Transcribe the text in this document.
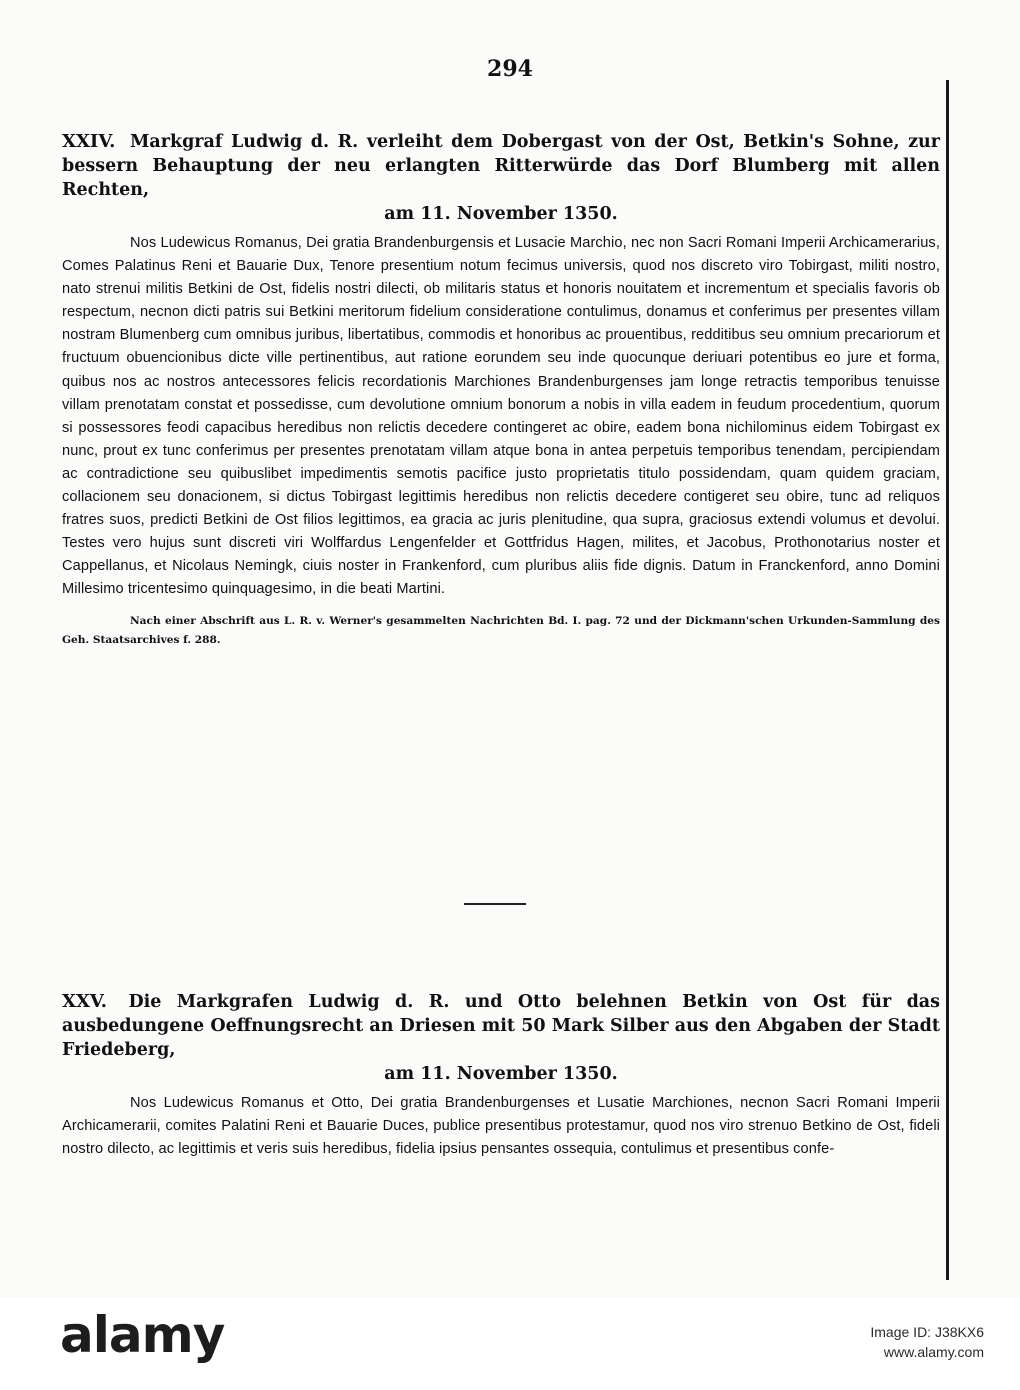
294

XXIV. Markgraf Ludwig d. R. verleiht dem Dobergast von der Ost, Betkin's Sohne, zur bessern Behauptung der neu erlangten Ritterwürde das Dorf Blumberg mit allen Rechten,
am 11. November 1350.

Nos Ludewicus Romanus, Dei gratia Brandenburgensis et Lusacie Marchio, nec non Sacri Romani Imperii Archicamerarius, Comes Palatinus Reni et Bauarie Dux, Tenore presentium notum fecimus universis, quod nos discreto viro Tobirgast, militi nostro, nato strenui militis Betkini de Ost, fidelis nostri dilecti, ob militaris status et honoris nouitatem et incrementum et specialis favoris ob respectum, necnon dicti patris sui Betkini meritorum fidelium consideratione contulimus, donamus et conferimus per presentes villam nostram Blumenberg cum omnibus juribus, libertatibus, commodis et honoribus ac prouentibus, redditibus seu omnium precariorum et fructuum obuencionibus dicte ville pertinentibus, aut ratione eorundem seu inde quocunque deriuari potentibus eo jure et forma, quibus nos ac nostros antecessores felicis recordationis Marchiones Brandenburgenses jam longe retractis temporibus tenuisse villam prenotatam constat et possedisse, cum devolutione omnium bonorum a nobis in villa eadem in feudum procedentium, quorum si possessores feodi capacibus heredibus non relictis decedere contingeret ac obire, eadem bona nichilominus eidem Tobirgast ex nunc, prout ex tunc conferimus per presentes prenotatam villam atque bona in antea perpetuis temporibus tenendam, percipiendam ac contradictione seu quibuslibet impedimentis semotis pacifice justo proprietatis titulo possidendam, quam quidem graciam, collacionem seu donacionem, si dictus Tobirgast legittimis heredibus non relictis decedere contigeret seu obire, tunc ad reliquos fratres suos, predicti Betkini de Ost filios legittimos, ea gracia ac juris plenitudine, qua supra, graciosus extendi volumus et devolui. Testes vero hujus sunt discreti viri Wolffardus Lengenfelder et Gottfridus Hagen, milites, et Jacobus, Prothonotarius noster et Cappellanus, et Nicolaus Nemingk, ciuis noster in Frankenford, cum pluribus aliis fide dignis. Datum in Franckenford, anno Domini Millesimo tricentesimo quinquagesimo, in die beati Martini.

Nach einer Abschrift aus L. R. v. Werner's gesammelten Nachrichten Bd. I. pag. 72 und der Dickmann'schen Urkunden-Sammlung des Geh. Staatsarchives f. 288.

XXV. Die Markgrafen Ludwig d. R. und Otto belehnen Betkin von Ost für das ausbedungene Oeffnungsrecht an Driesen mit 50 Mark Silber aus den Abgaben der Stadt Friedeberg,
am 11. November 1350.

Nos Ludewicus Romanus et Otto, Dei gratia Brandenburgenses et Lusatie Marchiones, necnon Sacri Romani Imperii Archicamerarii, comites Palatini Reni et Bauarie Duces, publice presentibus protestamur, quod nos viro strenuo Betkino de Ost, fideli nostro dilecto, ac legittimis et veris suis heredibus, fidelia ipsius pensantes ossequia, contulimus et presentibus confe-

alamy	Image ID: J38KX6
www.alamy.com
